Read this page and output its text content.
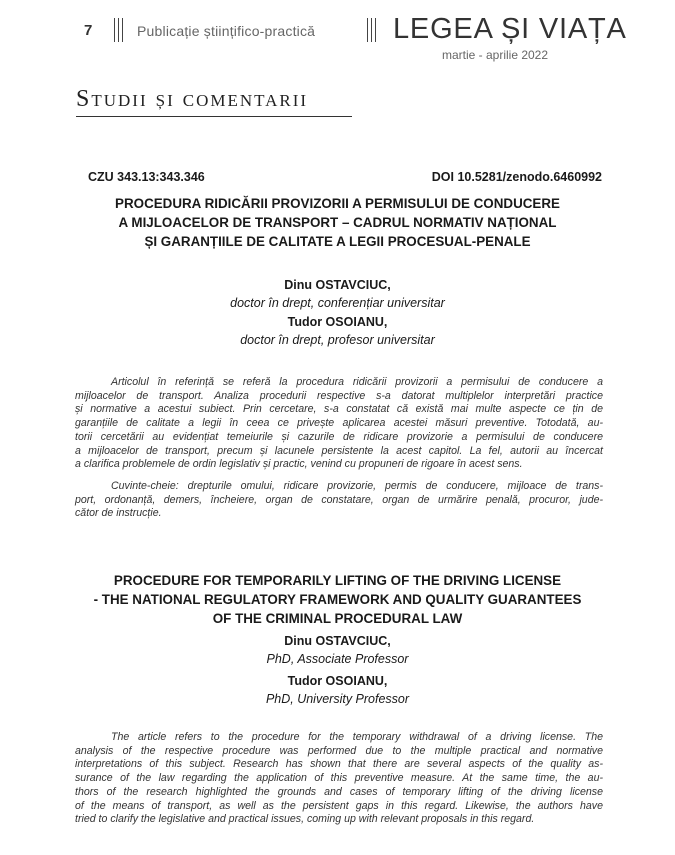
7	Publicație științifico-practică	LEGEA ȘI VIAȚA
martie - aprilie 2022
Studii și comentarii
CZU 343.13:343.346	DOI 10.5281/zenodo.6460992
PROCEDURA RIDICĂRII PROVIZORII A PERMISULUI DE CONDUCERE
A MIJLOACELOR DE TRANSPORT – CADRUL NORMATIV NAȚIONAL
ȘI GARANȚIILE DE CALITATE A LEGII PROCESUAL-PENALE
Dinu OSTAVCIUC,
doctor în drept, conferențiar universitar
Tudor OSOIANU,
doctor în drept, profesor universitar
Articolul în referință se referă la procedura ridicării provizorii a permisului de conducere a
mijloacelor de transport. Analiza procedurii respective s-a datorat multiplelor interpretări practice
și normative a acestui subiect. Prin cercetare, s-a constatat că există mai multe aspecte ce țin de
garanțiile de calitate a legii în ceea ce privește aplicarea acestei măsuri preventive. Totodată, au-
torii cercetării au evidențiat temeiurile și cazurile de ridicare provizorie a permisului de conducere
a mijloacelor de transport, precum și lacunele persistente la acest capitol. La fel, autorii au încercat
a clarifica problemele de ordin legislativ și practic, venind cu propuneri de rigoare în acest sens.
Cuvinte-cheie: drepturile omului, ridicare provizorie, permis de conducere, mijloace de trans-
port, ordonanță, demers, încheiere, organ de constatare, organ de urmărire penală, procuror, jude-
cător de instrucție.
PROCEDURE FOR TEMPORARILY LIFTING OF THE DRIVING LICENSE
- THE NATIONAL REGULATORY FRAMEWORK AND QUALITY GUARANTEES
OF THE CRIMINAL PROCEDURAL LAW
Dinu OSTAVCIUC,
PhD, Associate Professor
Tudor OSOIANU,
PhD, University Professor
The article refers to the procedure for the temporary withdrawal of a driving license. The
analysis of the respective procedure was performed due to the multiple practical and normative
interpretations of this subject. Research has shown that there are several aspects of the quality as-
surance of the law regarding the application of this preventive measure. At the same time, the au-
thors of the research highlighted the grounds and cases of temporary lifting of the driving license
of the means of transport, as well as the persistent gaps in this regard. Likewise, the authors have
tried to clarify the legislative and practical issues, coming up with relevant proposals in this regard.
